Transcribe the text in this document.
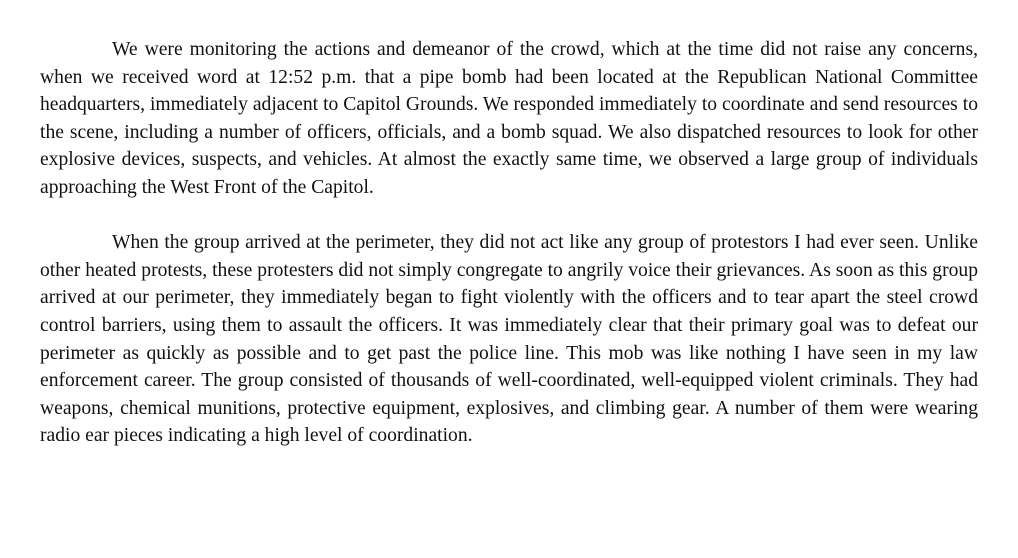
We were monitoring the actions and demeanor of the crowd, which at the time did not raise any concerns, when we received word at 12:52 p.m. that a pipe bomb had been located at the Republican National Committee headquarters, immediately adjacent to Capitol Grounds. We responded immediately to coordinate and send resources to the scene, including a number of officers, officials, and a bomb squad. We also dispatched resources to look for other explosive devices, suspects, and vehicles. At almost the exactly same time, we observed a large group of individuals approaching the West Front of the Capitol.

When the group arrived at the perimeter, they did not act like any group of protestors I had ever seen. Unlike other heated protests, these protesters did not simply congregate to angrily voice their grievances. As soon as this group arrived at our perimeter, they immediately began to fight violently with the officers and to tear apart the steel crowd control barriers, using them to assault the officers. It was immediately clear that their primary goal was to defeat our perimeter as quickly as possible and to get past the police line. This mob was like nothing I have seen in my law enforcement career. The group consisted of thousands of well-coordinated, well-equipped violent criminals. They had weapons, chemical munitions, protective equipment, explosives, and climbing gear. A number of them were wearing radio ear pieces indicating a high level of coordination.
